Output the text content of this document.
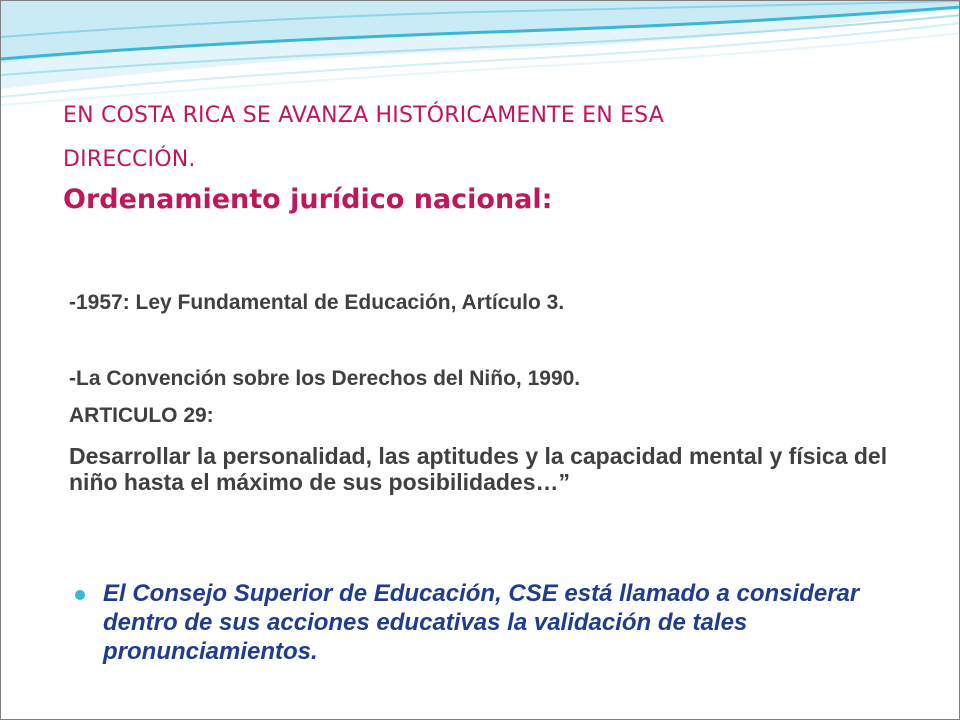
EN COSTA RICA SE AVANZA HISTÓRICAMENTE EN ESA
DIRECCIÓN.
Ordenamiento jurídico nacional:
-1957: Ley Fundamental de Educación, Artículo 3.
-La Convención sobre los Derechos del Niño, 1990.
ARTICULO 29:
Desarrollar la personalidad, las aptitudes y la capacidad mental y física del niño hasta el máximo de sus posibilidades…”
El Consejo Superior de Educación, CSE está llamado a considerar dentro de sus acciones educativas la validación de tales pronunciamientos.
